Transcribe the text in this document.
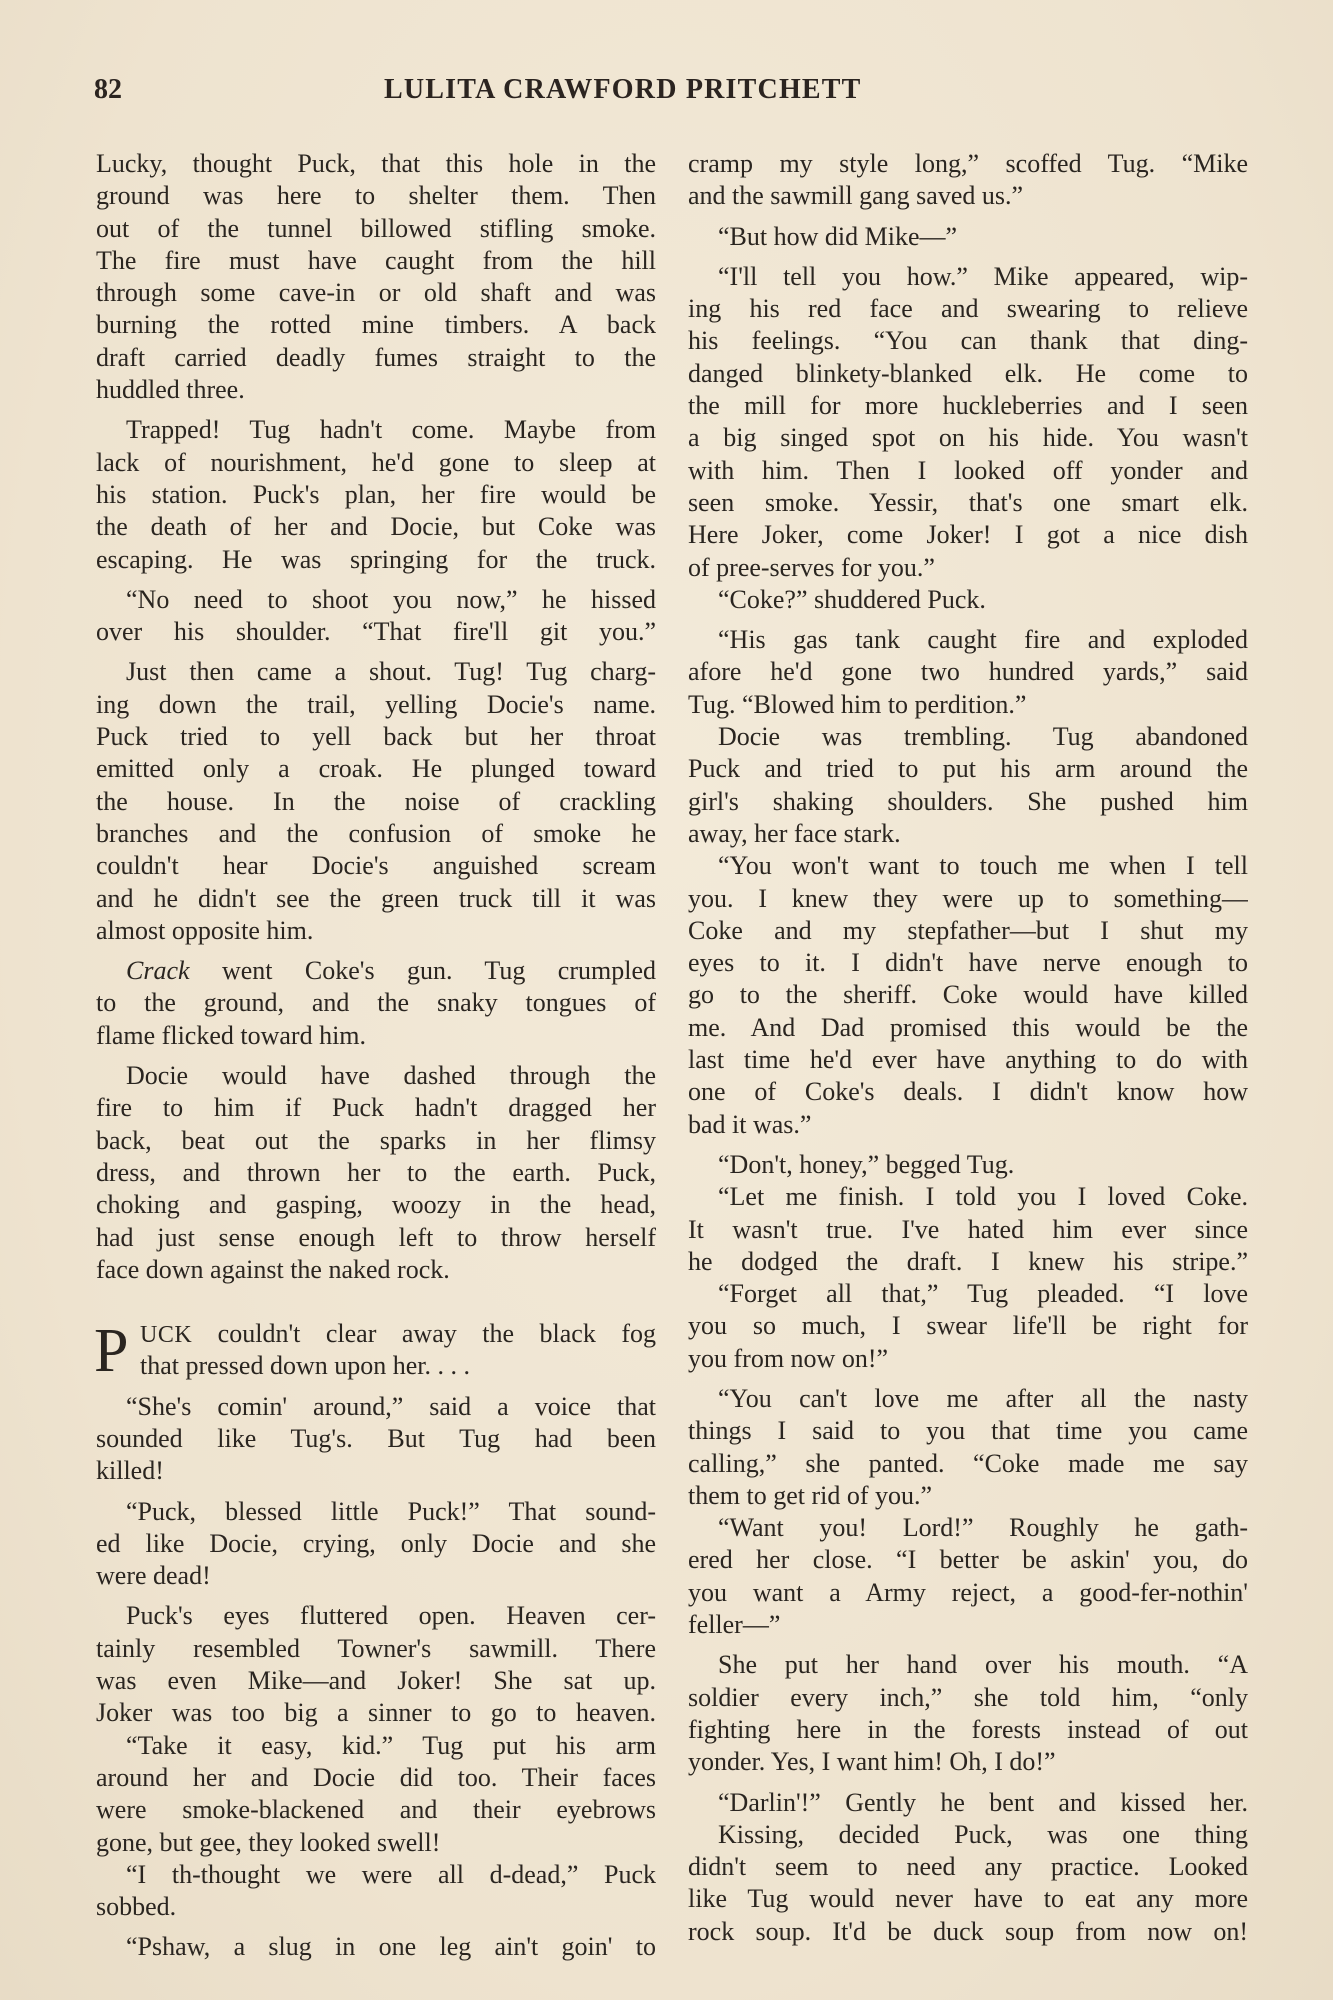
82	LULITA CRAWFORD PRITCHETT
Lucky, thought Puck, that this hole in the
ground was here to shelter them. Then
out of the tunnel billowed stifling smoke.
The fire must have caught from the hill
through some cave-in or old shaft and was
burning the rotted mine timbers. A back
draft carried deadly fumes straight to the
huddled three.
Trapped! Tug hadn't come. Maybe from
lack of nourishment, he'd gone to sleep at
his station. Puck's plan, her fire would be
the death of her and Docie, but Coke was
escaping. He was springing for the truck.
“No need to shoot you now,” he hissed
over his shoulder. “That fire'll git you.”
Just then came a shout. Tug! Tug charg-
ing down the trail, yelling Docie's name.
Puck tried to yell back but her throat
emitted only a croak. He plunged toward
the house. In the noise of crackling
branches and the confusion of smoke he
couldn't hear Docie's anguished scream
and he didn't see the green truck till it was
almost opposite him.
Crack went Coke's gun. Tug crumpled
to the ground, and the snaky tongues of
flame flicked toward him.
Docie would have dashed through the
fire to him if Puck hadn't dragged her
back, beat out the sparks in her flimsy
dress, and thrown her to the earth. Puck,
choking and gasping, woozy in the head,
had just sense enough left to throw herself
face down against the naked rock.
P UCK couldn't clear away the black fog
that pressed down upon her. . . .
“She's comin' around,” said a voice that
sounded like Tug's. But Tug had been
killed!
“Puck, blessed little Puck!” That sound-
ed like Docie, crying, only Docie and she
were dead!
Puck's eyes fluttered open. Heaven cer-
tainly resembled Towner's sawmill. There
was even Mike—and Joker! She sat up.
Joker was too big a sinner to go to heaven.
“Take it easy, kid.” Tug put his arm
around her and Docie did too. Their faces
were smoke-blackened and their eyebrows
gone, but gee, they looked swell!
“I th-thought we were all d-dead,” Puck
sobbed.
“Pshaw, a slug in one leg ain't goin' to
cramp my style long,” scoffed Tug. “Mike
and the sawmill gang saved us.”
“But how did Mike—”
“I'll tell you how.” Mike appeared, wip-
ing his red face and swearing to relieve
his feelings. “You can thank that ding-
danged blinkety-blanked elk. He come to
the mill for more huckleberries and I seen
a big singed spot on his hide. You wasn't
with him. Then I looked off yonder and
seen smoke. Yessir, that's one smart elk.
Here Joker, come Joker! I got a nice dish
of pree-serves for you.”
“Coke?” shuddered Puck.
“His gas tank caught fire and exploded
afore he'd gone two hundred yards,” said
Tug. “Blowed him to perdition.”
Docie was trembling. Tug abandoned
Puck and tried to put his arm around the
girl's shaking shoulders. She pushed him
away, her face stark.
“You won't want to touch me when I tell
you. I knew they were up to something—
Coke and my stepfather—but I shut my
eyes to it. I didn't have nerve enough to
go to the sheriff. Coke would have killed
me. And Dad promised this would be the
last time he'd ever have anything to do with
one of Coke's deals. I didn't know how
bad it was.”
“Don't, honey,” begged Tug.
“Let me finish. I told you I loved Coke.
It wasn't true. I've hated him ever since
he dodged the draft. I knew his stripe.”
“Forget all that,” Tug pleaded. “I love
you so much, I swear life'll be right for
you from now on!”
“You can't love me after all the nasty
things I said to you that time you came
calling,” she panted. “Coke made me say
them to get rid of you.”
“Want you! Lord!” Roughly he gath-
ered her close. “I better be askin' you, do
you want a Army reject, a good-fer-nothin'
feller—”
She put her hand over his mouth. “A
soldier every inch,” she told him, “only
fighting here in the forests instead of out
yonder. Yes, I want him! Oh, I do!”
“Darlin'!” Gently he bent and kissed her.
Kissing, decided Puck, was one thing
didn't seem to need any practice. Looked
like Tug would never have to eat any more
rock soup. It'd be duck soup from now on!
